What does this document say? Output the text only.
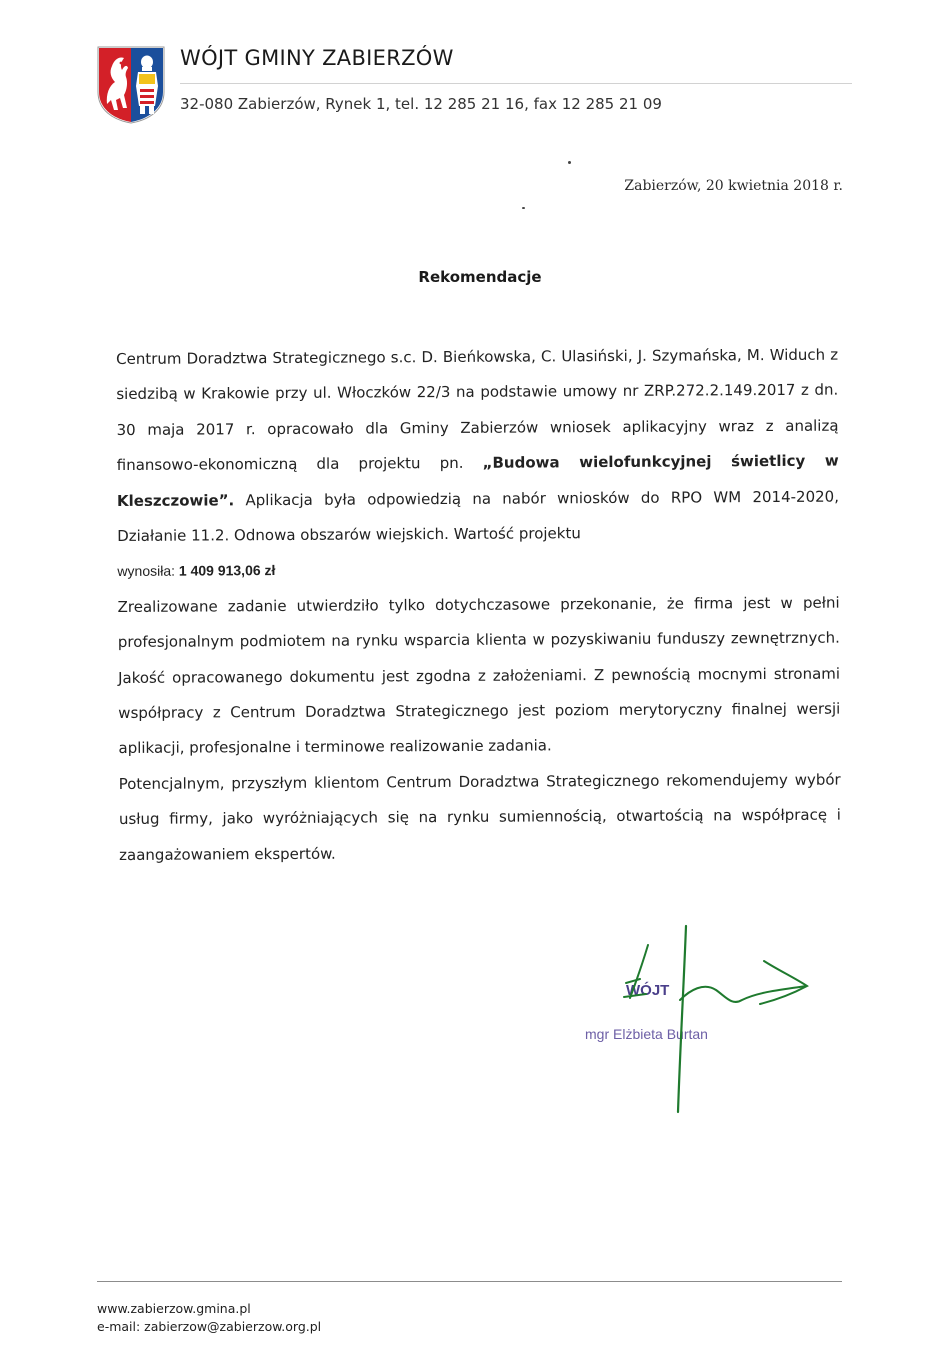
WÓJT GMINY ZABIERZÓW
32-080 Zabierzów, Rynek 1, tel. 12 285 21 16, fax 12 285 21 09
Zabierzów, 20 kwietnia 2018 r.
Rekomendacje

Centrum Doradztwa Strategicznego s.c. D. Bieńkowska, C. Ulasiński, J. Szymańska, M. Widuch z siedzibą w Krakowie przy ul. Włoczków 22/3 na podstawie umowy nr ZRP.272.2.149.2017 z dn. 30 maja 2017 r. opracowało dla Gminy Zabierzów wniosek aplikacyjny wraz z analizą finansowo-ekonomiczną dla projektu pn. „Budowa wielofunkcyjnej świetlicy w Kleszczowie”. Aplikacja była odpowiedzią na nabór wniosków do RPO WM 2014-2020, Działanie 11.2. Odnowa obszarów wiejskich. Wartość projektu

wynosiła: 1 409 913,06 zł

Zrealizowane zadanie utwierdziło tylko dotychczasowe przekonanie, że firma jest w pełni profesjonalnym podmiotem na rynku wsparcia klienta w pozyskiwaniu funduszy zewnętrznych. Jakość opracowanego dokumentu jest zgodna z założeniami. Z pewnością mocnymi stronami współpracy z Centrum Doradztwa Strategicznego jest poziom merytoryczny finalnej wersji aplikacji, profesjonalne i terminowe realizowanie zadania.

Potencjalnym, przyszłym klientom Centrum Doradztwa Strategicznego rekomendujemy wybór usług firmy, jako wyróżniających się na rynku sumiennością, otwartością na współpracę i zaangażowaniem ekspertów.

WÓJT
mgr Elżbieta Burtan
www.zabierzow.gmina.pl
e-mail: zabierzow@zabierzow.org.pl
